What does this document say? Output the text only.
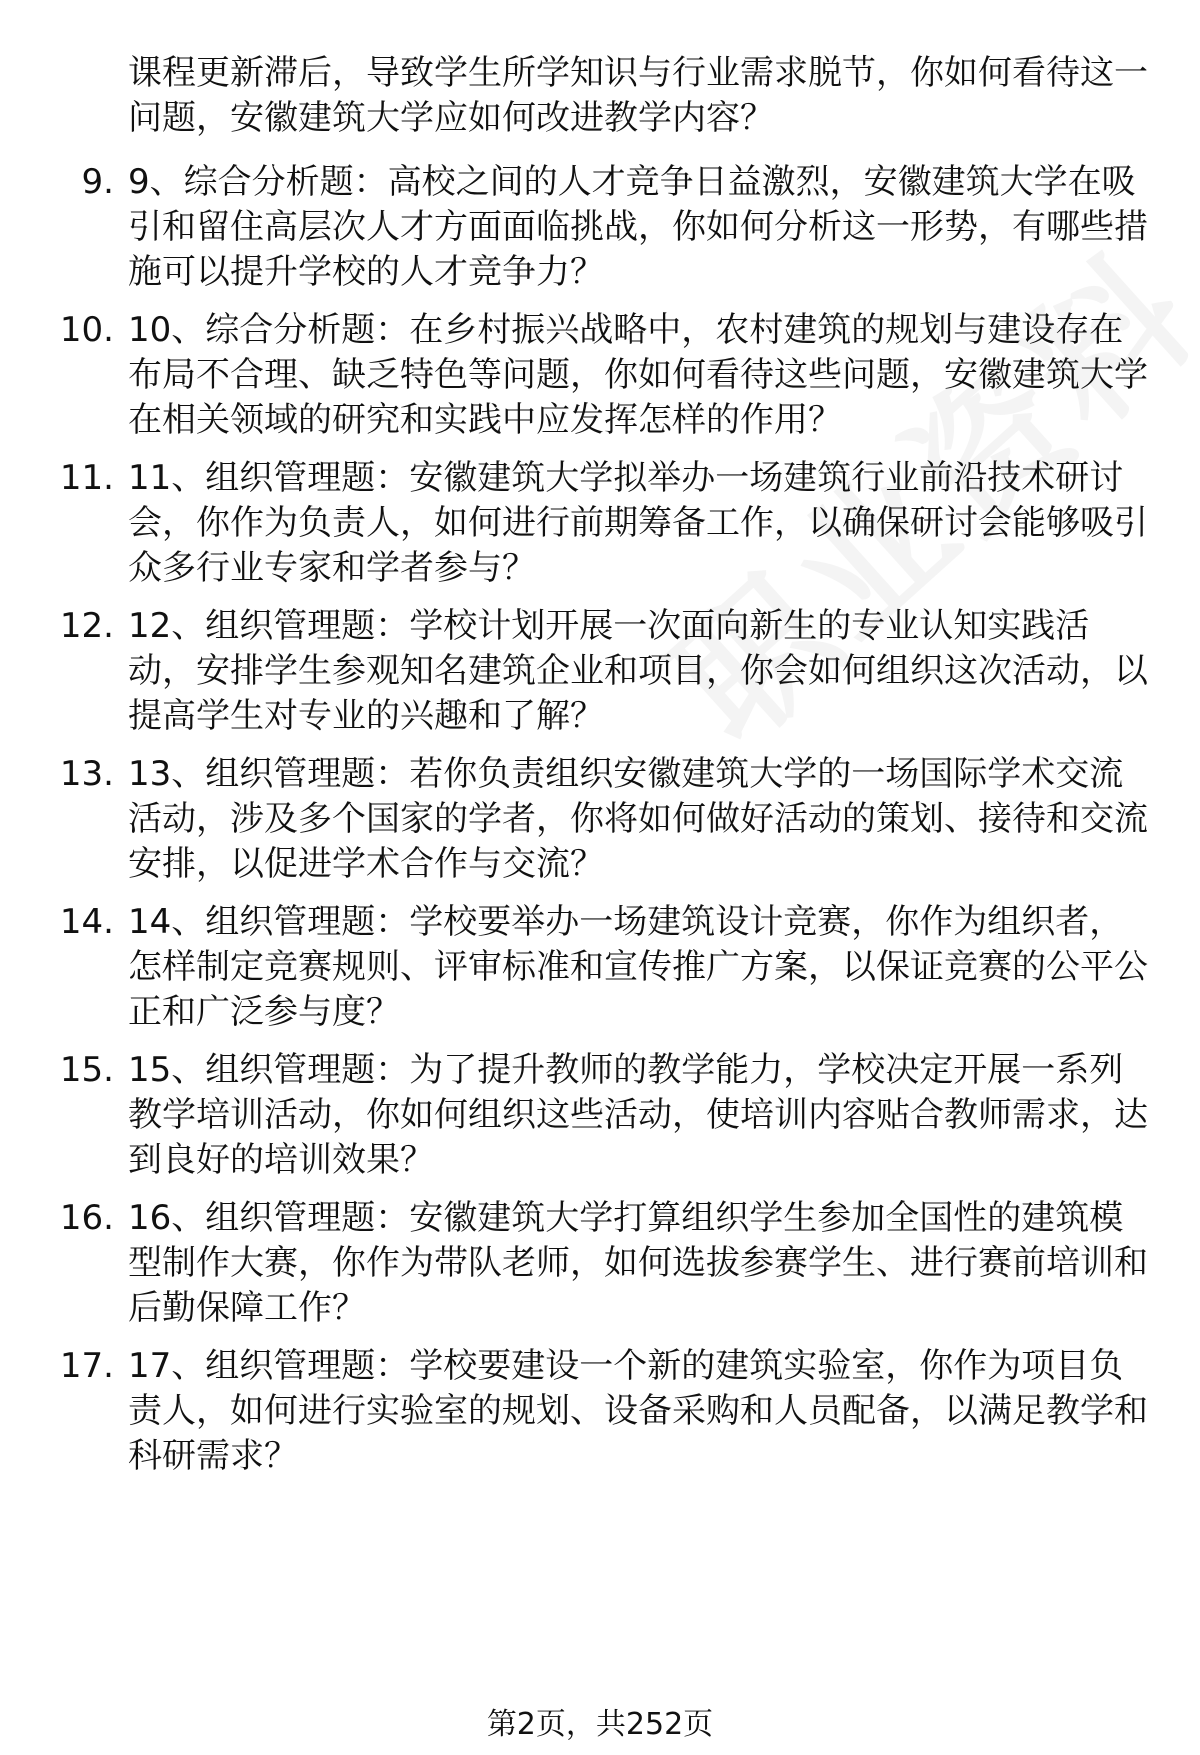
课程更新滞后，导致学生所学知识与行业需求脱节，你如何看待这一问题，安徽建筑大学应如何改进教学内容？
9. 9、综合分析题：高校之间的人才竞争日益激烈，安徽建筑大学在吸引和留住高层次人才方面面临挑战，你如何分析这一形势，有哪些措施可以提升学校的人才竞争力？
10. 10、综合分析题：在乡村振兴战略中，农村建筑的规划与建设存在布局不合理、缺乏特色等问题，你如何看待这些问题，安徽建筑大学在相关领域的研究和实践中应发挥怎样的作用？
11. 11、组织管理题：安徽建筑大学拟举办一场建筑行业前沿技术研讨会，你作为负责人，如何进行前期筹备工作，以确保研讨会能够吸引众多行业专家和学者参与？
12. 12、组织管理题：学校计划开展一次面向新生的专业认知实践活动，安排学生参观知名建筑企业和项目，你会如何组织这次活动，以提高学生对专业的兴趣和了解？
13. 13、组织管理题：若你负责组织安徽建筑大学的一场国际学术交流活动，涉及多个国家的学者，你将如何做好活动的策划、接待和交流安排，以促进学术合作与交流？
14. 14、组织管理题：学校要举办一场建筑设计竞赛，你作为组织者，怎样制定竞赛规则、评审标准和宣传推广方案，以保证竞赛的公平公正和广泛参与度？
15. 15、组织管理题：为了提升教师的教学能力，学校决定开展一系列教学培训活动，你如何组织这些活动，使培训内容贴合教师需求，达到良好的培训效果？
16. 16、组织管理题：安徽建筑大学打算组织学生参加全国性的建筑模型制作大赛，你作为带队老师，如何选拔参赛学生、进行赛前培训和后勤保障工作？
17. 17、组织管理题：学校要建设一个新的建筑实验室，你作为项目负责人，如何进行实验室的规划、设备采购和人员配备，以满足教学和科研需求？
第2页，共252页
